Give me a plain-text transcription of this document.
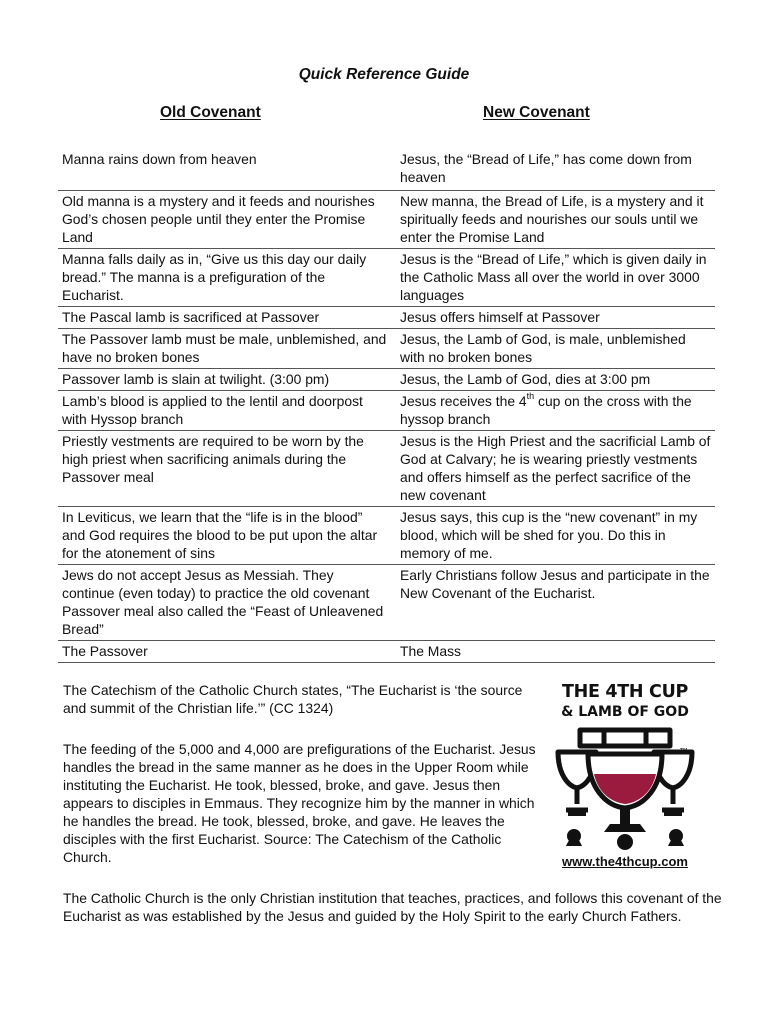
Quick Reference Guide
Old Covenant	New Covenant
Manna rains down from heaven	Jesus, the “Bread of Life,” has come down from heaven
Old manna is a mystery and it feeds and nourishes God’s chosen people until they enter the Promise Land	New manna, the Bread of Life, is a mystery and it spiritually feeds and nourishes our souls until we enter the Promise Land
Manna falls daily as in, “Give us this day our daily bread.” The manna is a prefiguration of the Eucharist.	Jesus is the “Bread of Life,” which is given daily in the Catholic Mass all over the world in over 3000 languages
The Pascal lamb is sacrificed at Passover	Jesus offers himself at Passover
The Passover lamb must be male, unblemished, and have no broken bones	Jesus, the Lamb of God, is male, unblemished with no broken bones
Passover lamb is slain at twilight. (3:00 pm)	Jesus, the Lamb of God, dies at 3:00 pm
Lamb’s blood is applied to the lentil and doorpost with Hyssop branch	Jesus receives the 4th cup on the cross with the hyssop branch
Priestly vestments are required to be worn by the high priest when sacrificing animals during the Passover meal	Jesus is the High Priest and the sacrificial Lamb of God at Calvary; he is wearing priestly vestments and offers himself as the perfect sacrifice of the new covenant
In Leviticus, we learn that the “life is in the blood” and God requires the blood to be put upon the altar for the atonement of sins	Jesus says, this cup is the “new covenant” in my blood, which will be shed for you. Do this in memory of me.
Jews do not accept Jesus as Messiah. They continue (even today) to practice the old covenant Passover meal also called the “Feast of Unleavened Bread”	Early Christians follow Jesus and participate in the New Covenant of the Eucharist.
The Passover	The Mass
The Catechism of the Catholic Church states, “The Eucharist is ‘the source and summit of the Christian life.’” (CC 1324)
The feeding of the 5,000 and 4,000 are prefigurations of the Eucharist. Jesus handles the bread in the same manner as he does in the Upper Room while instituting the Eucharist. He took, blessed, broke, and gave. Jesus then appears to disciples in Emmaus. They recognize him by the manner in which he handles the bread. He took, blessed, broke, and gave. He leaves the disciples with the first Eucharist. Source: The Catechism of the Catholic Church.
The Catholic Church is the only Christian institution that teaches, practices, and follows this covenant of the Eucharist as was established by the Jesus and guided by the Holy Spirit to the early Church Fathers.
THE 4TH CUP
& LAMB OF GOD
TM
www.the4thcup.com
